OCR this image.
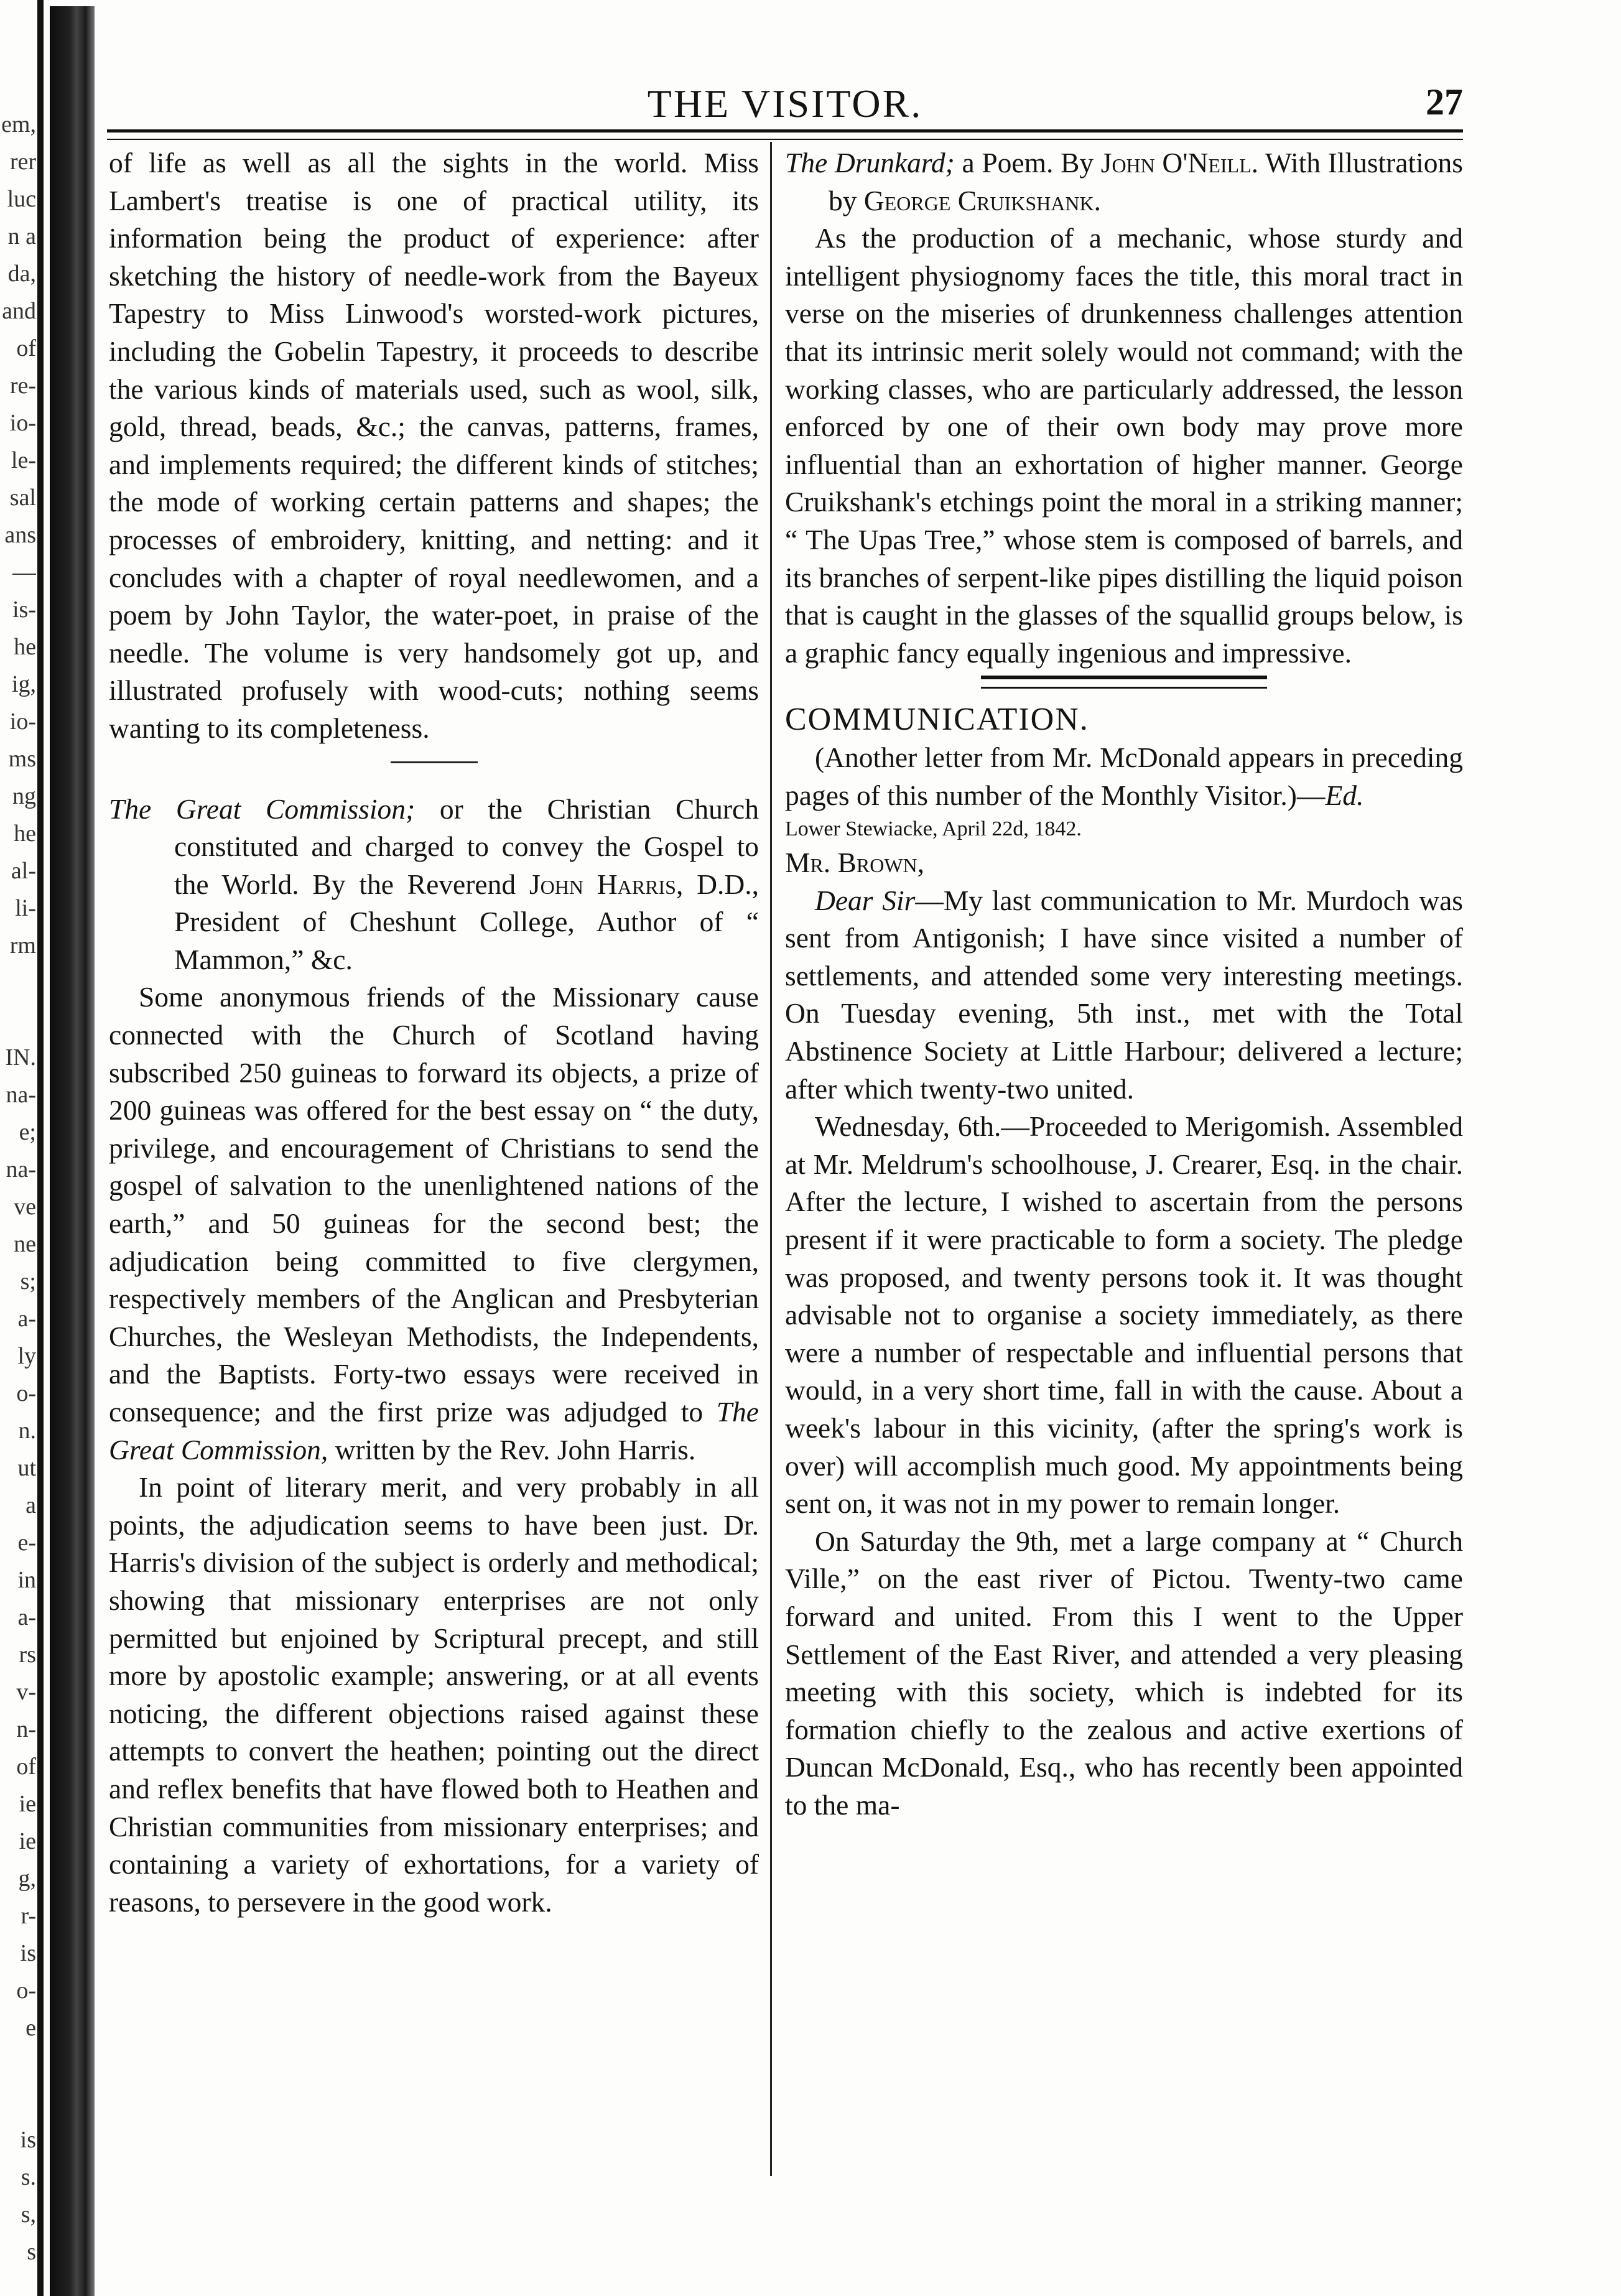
em,
rer
luc
n a
da,
and
of
re-
io-
le-
sal
ans
—
is-
he
ig,
io-
ms
ng
he
al-
li-
rm
IN.
na-
e;
na-
ve
ne
s;
a-
ly
o-
n.
ut
a
e-
in
a-
rs
v-
n-
of
ie
ie
g,
r-
is
o-
e
is
s.
s,
s
THE VISITOR.	27

of life as well as all the sights in the world. Miss Lambert's treatise is one of practical utility, its information being the product of experience: after sketching the history of needle-work from the Bayeux Tapestry to Miss Linwood's worsted-work pictures, including the Gobelin Tapestry, it proceeds to describe the various kinds of materials used, such as wool, silk, gold, thread, beads, &c.; the canvas, patterns, frames, and implements required; the different kinds of stitches; the mode of working certain patterns and shapes; the processes of embroidery, knitting, and netting: and it concludes with a chapter of royal needlewomen, and a poem by John Taylor, the water-poet, in praise of the needle. The volume is very handsomely got up, and illustrated profusely with wood-cuts; nothing seems wanting to its completeness.

The Great Commission; or the Christian Church constituted and charged to convey the Gospel to the World. By the Reverend John Harris, D.D., President of Cheshunt College, Author of “ Mammon,” &c.

Some anonymous friends of the Missionary cause connected with the Church of Scotland having subscribed 250 guineas to forward its objects, a prize of 200 guineas was offered for the best essay on “ the duty, privilege, and encouragement of Christians to send the gospel of salvation to the unenlightened nations of the earth,” and 50 guineas for the second best; the adjudication being committed to five clergymen, respectively members of the Anglican and Presbyterian Churches, the Wesleyan Methodists, the Independents, and the Baptists. Forty-two essays were received in consequence; and the first prize was adjudged to The Great Commission, written by the Rev. John Harris.

In point of literary merit, and very probably in all points, the adjudication seems to have been just. Dr. Harris's division of the subject is orderly and methodical; showing that missionary enterprises are not only permitted but enjoined by Scriptural precept, and still more by apostolic example; answering, or at all events noticing, the different objections raised against these attempts to convert the heathen; pointing out the direct and reflex benefits that have flowed both to Heathen and Christian communities from missionary enterprises; and containing a variety of exhortations, for a variety of reasons, to persevere in the good work.

The Drunkard; a Poem. By John O'Neill. With Illustrations by George Cruikshank.

As the production of a mechanic, whose sturdy and intelligent physiognomy faces the title, this moral tract in verse on the miseries of drunkenness challenges attention that its intrinsic merit solely would not command; with the working classes, who are particularly addressed, the lesson enforced by one of their own body may prove more influential than an exhortation of higher manner. George Cruikshank's etchings point the moral in a striking manner; “ The Upas Tree,” whose stem is composed of barrels, and its branches of serpent-like pipes distilling the liquid poison that is caught in the glasses of the squallid groups below, is a graphic fancy equally ingenious and impressive.

COMMUNICATION.

(Another letter from Mr. McDonald appears in preceding pages of this number of the Monthly Visitor.)—Ed.

Lower Stewiacke, April 22d, 1842.

Mr. Brown,

Dear Sir—My last communication to Mr. Murdoch was sent from Antigonish; I have since visited a number of settlements, and attended some very interesting meetings. On Tuesday evening, 5th inst., met with the Total Abstinence Society at Little Harbour; delivered a lecture; after which twenty-two united.

Wednesday, 6th.—Proceeded to Merigomish. Assembled at Mr. Meldrum's schoolhouse, J. Crearer, Esq. in the chair. After the lecture, I wished to ascertain from the persons present if it were practicable to form a society. The pledge was proposed, and twenty persons took it. It was thought advisable not to organise a society immediately, as there were a number of respectable and influential persons that would, in a very short time, fall in with the cause. About a week's labour in this vicinity, (after the spring's work is over) will accomplish much good. My appointments being sent on, it was not in my power to remain longer.

On Saturday the 9th, met a large company at “ Church Ville,” on the east river of Pictou. Twenty-two came forward and united. From this I went to the Upper Settlement of the East River, and attended a very pleasing meeting with this society, which is indebted for its formation chiefly to the zealous and active exertions of Duncan McDonald, Esq., who has recently been appointed to the ma-
